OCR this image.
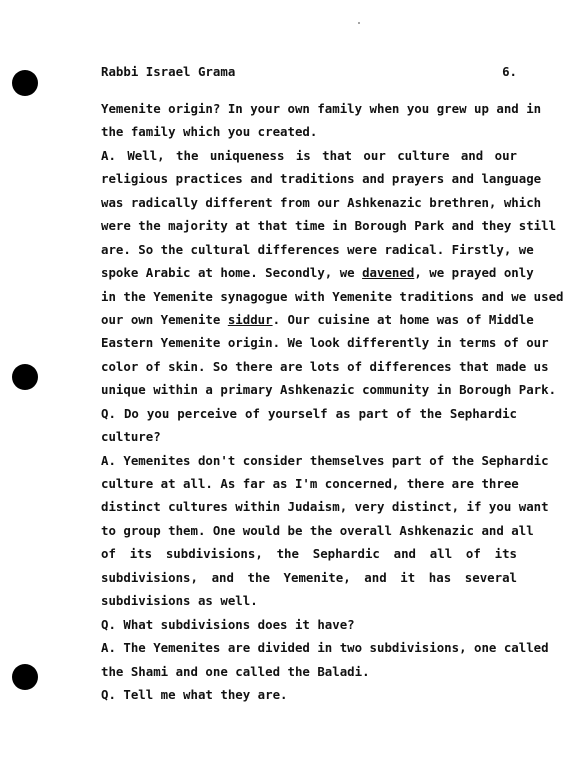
Rabbi Israel Grama	6.
Yemenite origin? In your own family when you grew up and in
the family which you created.
A. Well, the uniqueness is that our culture and our
religious practices and traditions and prayers and language
was radically different from our Ashkenazic brethren, which
were the majority at that time in Borough Park and they still
are. So the cultural differences were radical. Firstly, we
spoke Arabic at home. Secondly, we davened, we prayed only
in the Yemenite synagogue with Yemenite traditions and we used
our own Yemenite siddur. Our cuisine at home was of Middle
Eastern Yemenite origin. We look differently in terms of our
color of skin. So there are lots of differences that made us
unique within a primary Ashkenazic community in Borough Park.
Q. Do you perceive of yourself as part of the Sephardic
culture?
A. Yemenites don't consider themselves part of the Sephardic
culture at all. As far as I'm concerned, there are three
distinct cultures within Judaism, very distinct, if you want
to group them. One would be the overall Ashkenazic and all
of its subdivisions, the Sephardic and all of its
subdivisions, and the Yemenite, and it has several
subdivisions as well.
Q. What subdivisions does it have?
A. The Yemenites are divided in two subdivisions, one called
the Shami and one called the Baladi.
Q. Tell me what they are.
